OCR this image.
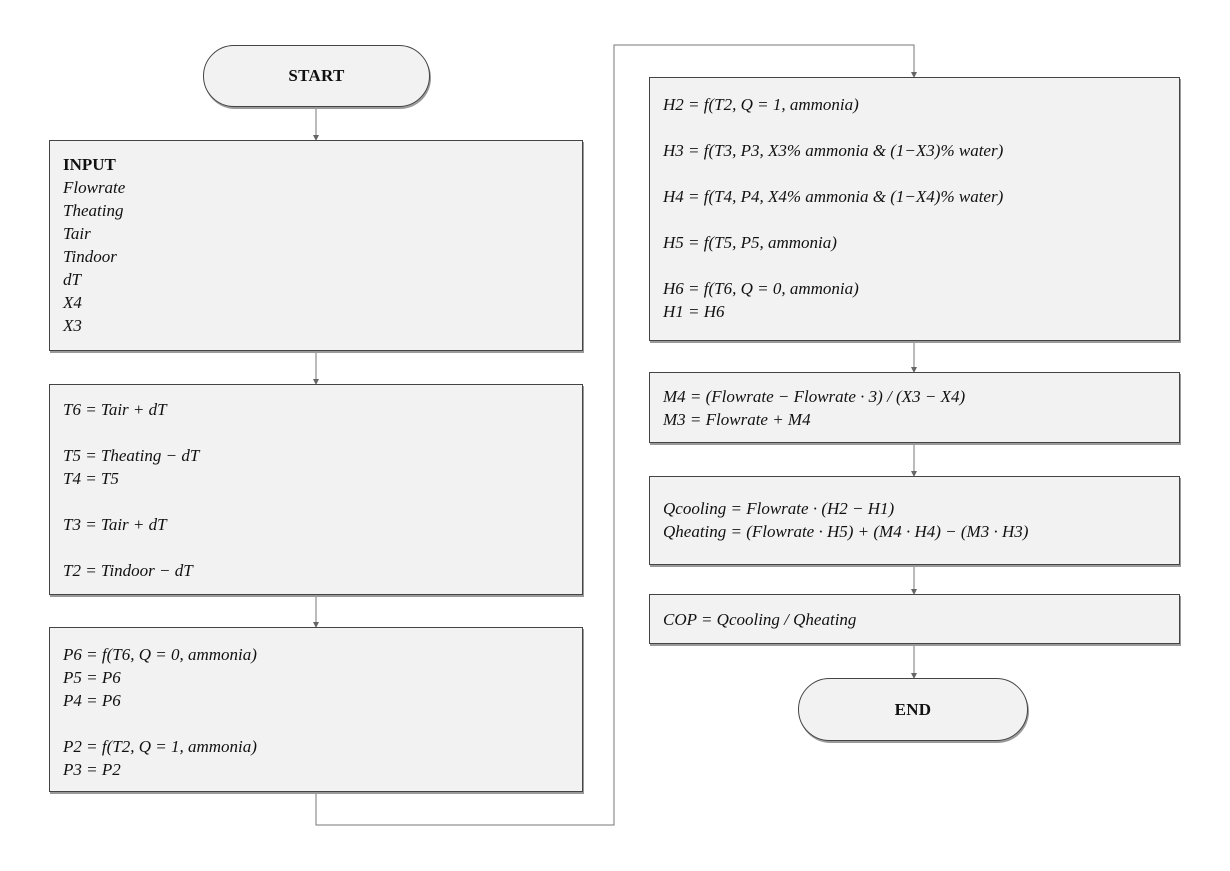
START
INPUT
Flowrate
Theating
Tair
Tindoor
dT
X4
X3
T6 = Tair + dT
T5 = Theating − dT
T4 = T5
T3 = Tair + dT
T2 = Tindoor − dT
P6 = f(T6, Q = 0, ammonia)
P5 = P6
P4 = P6
P2 = f(T2, Q = 1, ammonia)
P3 = P2
H2 = f(T2, Q = 1, ammonia)
H3 = f(T3, P3, X3% ammonia & (1−X3)% water)
H4 = f(T4, P4, X4% ammonia & (1−X4)% water)
H5 = f(T5, P5, ammonia)
H6 = f(T6, Q = 0, ammonia)
H1 = H6
M4 = (Flowrate − Flowrate · 3) / (X3 − X4)
M3 = Flowrate + M4
Qcooling = Flowrate · (H2 − H1)
Qheating = (Flowrate · H5) + (M4 · H4) − (M3 · H3)
COP = Qcooling / Qheating
END
